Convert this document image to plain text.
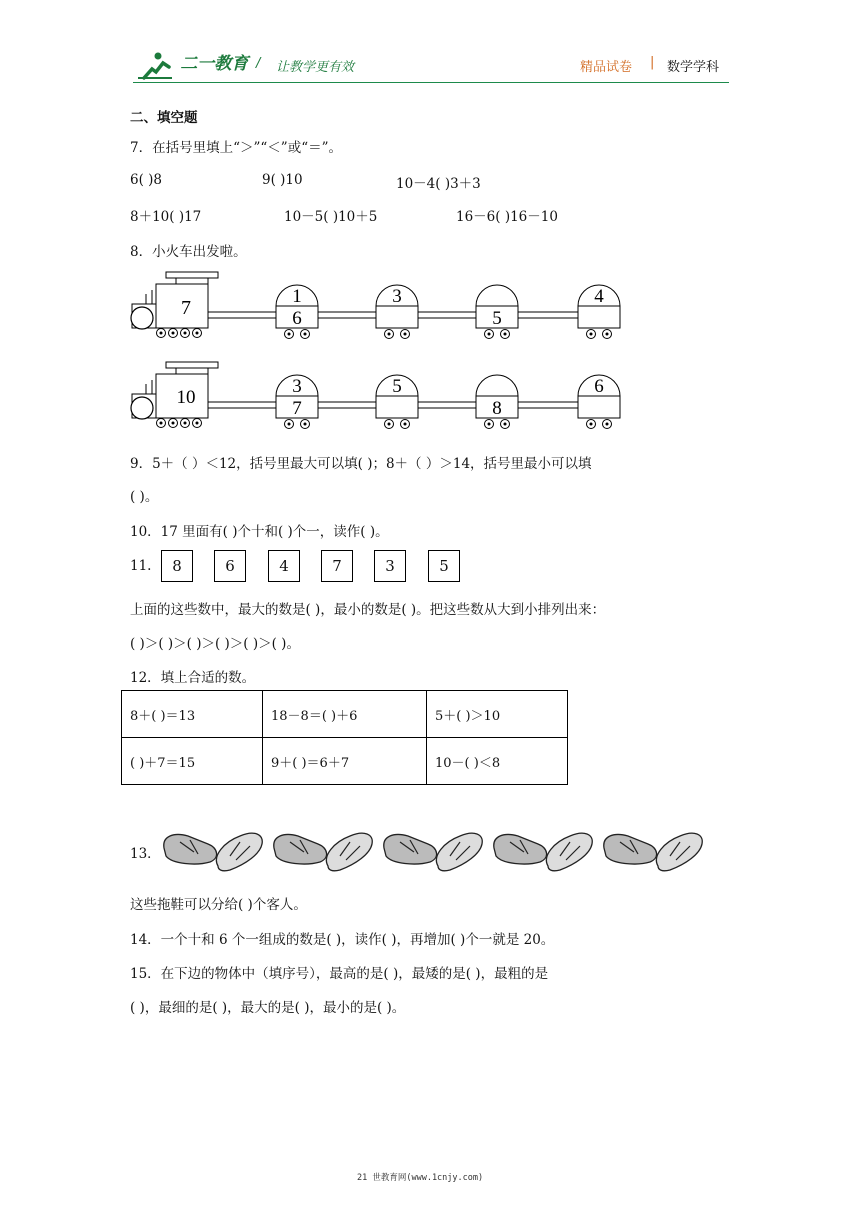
二一教育 / 让教学更有效	精品试卷 | 数学学科
二、填空题
7．在括号里填上“＞”“＜”或“＝”。
6( )8	9( )10	10－4( )3＋3
8＋10( )17	10－5( )10＋5	16－6( )16－10
8．小火车出发啦。
7
1
6
3
5
4
10
3
7
5
8
6
9．5＋（ ）＜12，括号里最大可以填( )；8＋（ ）＞14，括号里最小可以填
( )。
10．17 里面有( )个十和( )个一，读作( )。
11.	8	6	4	7	3	5
上面的这些数中，最大的数是( )，最小的数是( )。把这些数从大到小排列出来：
( )＞( )＞( )＞( )＞( )＞( )。
12．填上合适的数。
8＋( )＝13	18－8＝( )＋6	5＋( )＞10
( )＋7＝15	9＋( )＝6＋7	10－( )＜8
13．
这些拖鞋可以分给( )个客人。
14．一个十和 6 个一组成的数是( )，读作( )，再增加( )个一就是 20。
15．在下边的物体中（填序号），最高的是( )，最矮的是( )，最粗的是
( )，最细的是( )，最大的是( )，最小的是( )。
21 世教育网(www.1cnjy.com)
